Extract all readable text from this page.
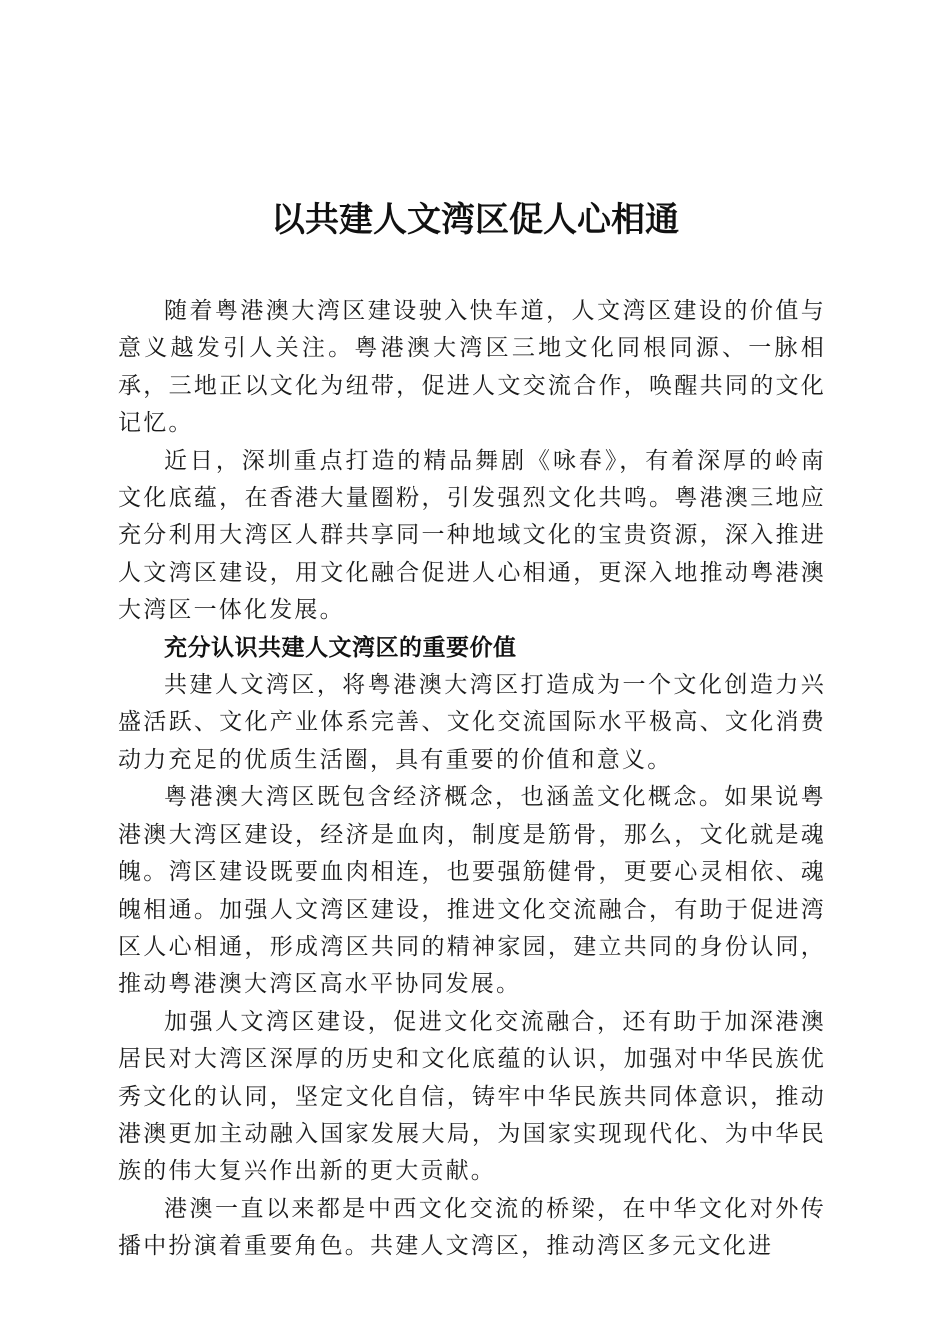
以共建人文湾区促人心相通

随着粤港澳大湾区建设驶入快车道，人文湾区建设的价值与意义越发引人关注。粤港澳大湾区三地文化同根同源、一脉相承，三地正以文化为纽带，促进人文交流合作，唤醒共同的文化记忆。

近日，深圳重点打造的精品舞剧《咏春》，有着深厚的岭南文化底蕴，在香港大量圈粉，引发强烈文化共鸣。粤港澳三地应充分利用大湾区人群共享同一种地域文化的宝贵资源，深入推进人文湾区建设，用文化融合促进人心相通，更深入地推动粤港澳大湾区一体化发展。

充分认识共建人文湾区的重要价值

共建人文湾区，将粤港澳大湾区打造成为一个文化创造力兴盛活跃、文化产业体系完善、文化交流国际水平极高、文化消费动力充足的优质生活圈，具有重要的价值和意义。

粤港澳大湾区既包含经济概念，也涵盖文化概念。如果说粤港澳大湾区建设，经济是血肉，制度是筋骨，那么，文化就是魂魄。湾区建设既要血肉相连，也要强筋健骨，更要心灵相依、魂魄相通。加强人文湾区建设，推进文化交流融合，有助于促进湾区人心相通，形成湾区共同的精神家园，建立共同的身份认同，推动粤港澳大湾区高水平协同发展。

加强人文湾区建设，促进文化交流融合，还有助于加深港澳居民对大湾区深厚的历史和文化底蕴的认识，加强对中华民族优秀文化的认同，坚定文化自信，铸牢中华民族共同体意识，推动港澳更加主动融入国家发展大局，为国家实现现代化、为中华民族的伟大复兴作出新的更大贡献。

港澳一直以来都是中西文化交流的桥梁，在中华文化对外传播中扮演着重要角色。共建人文湾区，推动湾区多元文化进
